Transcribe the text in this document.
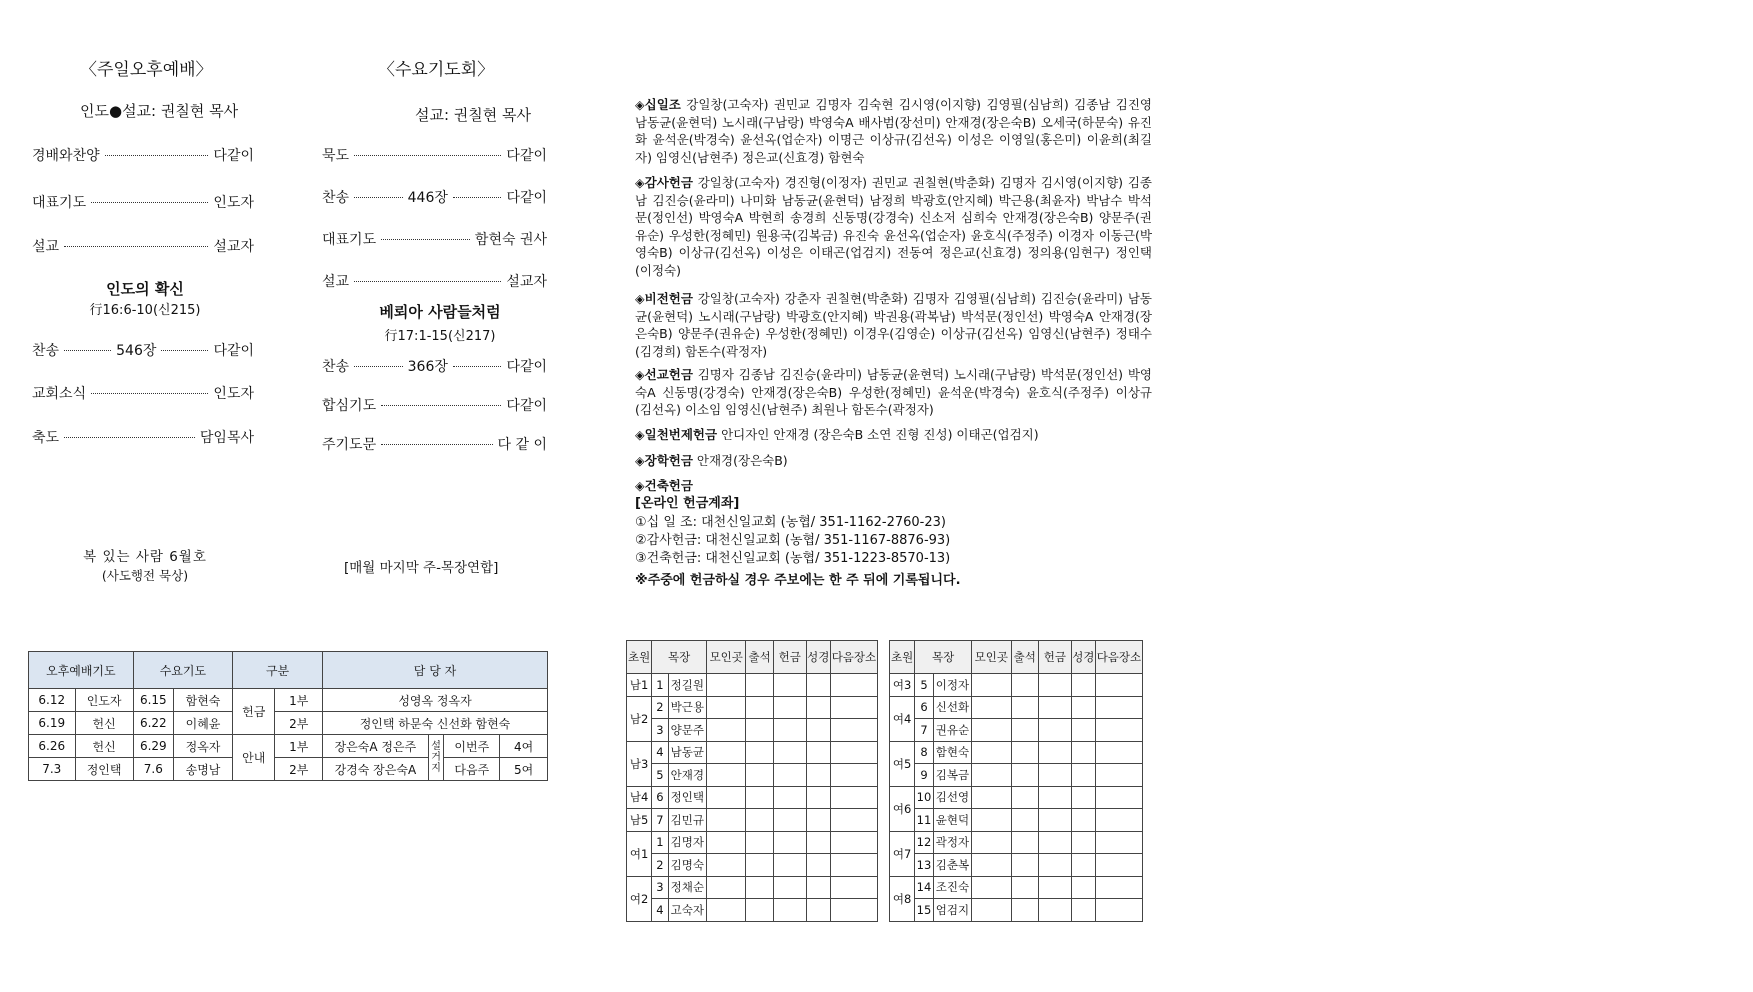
〈주일오후예배〉
인도●설교: 권칠현 목사
경배와찬양	다같이
대표기도	인도자
설교	설교자
인도의 확신
行16:6-10(신215)
찬송	546장	다같이
교회소식	인도자
축도	담임목사
복 있는 사람 6월호
(사도행전 묵상)
〈수요기도회〉
설교: 권칠현 목사
묵도	다같이
찬송	446장	다같이
대표기도	함현숙 권사
설교	설교자
베뢰아 사람들처럼
行17:1-15(신217)
찬송	366장	다같이
합심기도	다같이
주기도문	다 같 이
[매월 마지막 주-목장연합]
◈십일조 강일창(고숙자) 권민교 김명자 김숙현 김시영(이지향) 김영필(심남희) 김종남 김진영 남동균(윤현덕) 노시래(구남랑) 박영숙A 배사범(장선미) 안재경(장은숙B) 오세국(하문숙) 유진화 윤석운(박경숙) 윤선옥(업순자) 이명근 이상규(김선옥) 이성은 이영일(홍은미) 이윤희(최길자) 임영신(남현주) 정은교(신효경) 함현숙
◈감사헌금 강일창(고숙자) 경진형(이정자) 권민교 권칠현(박춘화) 김명자 김시영(이지향) 김종남 김진승(윤라미) 나미화 남동균(윤현덕) 남정희 박광호(안지혜) 박근용(최윤자) 박남수 박석문(정인선) 박영숙A 박현희 송경희 신동명(강경숙) 신소저 심희숙 안재경(장은숙B) 양문주(권유순) 우성한(정혜민) 원용국(김복금) 유진숙 윤선옥(업순자) 윤호식(주정주) 이경자 이동근(박영숙B) 이상규(김선옥) 이성은 이태곤(업검지) 전동여 정은교(신효경) 정의용(임현구) 정인택(이정숙)
◈비전헌금 강일창(고숙자) 강춘자 권칠현(박춘화) 김명자 김영필(심남희) 김진승(윤라미) 남동균(윤현덕) 노시래(구남랑) 박광호(안지혜) 박권용(곽복남) 박석문(정인선) 박영숙A 안재경(장은숙B) 양문주(권유순) 우성한(정혜민) 이경우(김영순) 이상규(김선옥) 임영신(남현주) 정태수(김경희) 함돈수(곽정자)
◈선교헌금 김명자 김종남 김진승(윤라미) 남동균(윤현덕) 노시래(구남랑) 박석문(정인선) 박영숙A 신동명(강경숙) 안재경(장은숙B) 우성한(정혜민) 윤석운(박경숙) 윤호식(주정주) 이상규(김선옥) 이소임 임영신(남현주) 최원나 함돈수(곽정자)
◈일천번제헌금 안디자인 안재경 (장은숙B 소연 진형 진성) 이태곤(업검지)
◈장학헌금 안재경(장은숙B)
◈건축헌금
[온라인 헌금계좌]
①십 일 조: 대천신일교회 (농협/ 351-1162-2760-23)
②감사헌금: 대천신일교회 (농협/ 351-1167-8876-93)
③건축헌금: 대천신일교회 (농협/ 351-1223-8570-13)
※주중에 헌금하실 경우 주보에는 한 주 뒤에 기록됩니다.
오후예배기도		수요기도		구분		담 당 자			
6.12	인도자	6.15	함현숙	헌금	1부	성영옥 정옥자			
6.19	헌신	6.22	이혜윤		2부	정인택 하문숙 신선화 함현숙			
6.26	헌신	6.29	정옥자	안내	1부	장은숙A 정은주	설거지	이번주	4여
7.3	정인택	7.6	송명남		2부	강경숙 장은숙A		다음주	5여
초원	목장		모인곳	출석	헌금	성경	다음장소
남1	1	정길원					
남2	2	박근용					
	3	양문주					
남3	4	남동균					
	5	안재경					
남4	6	정인택					
남5	7	김민규					
여1	1	김명자					
	2	김명숙					
여2	3	정채순					
	4	고숙자					
초원	목장		모인곳	출석	헌금	성경	다음장소
여3	5	이정자					
여4	6	신선화					
	7	권유순					
여5	8	함현숙					
	9	김복금					
여6	10	김선영					
	11	윤현덕					
여7	12	곽정자					
	13	김춘복					
여8	14	조진숙					
	15	엄검지					
